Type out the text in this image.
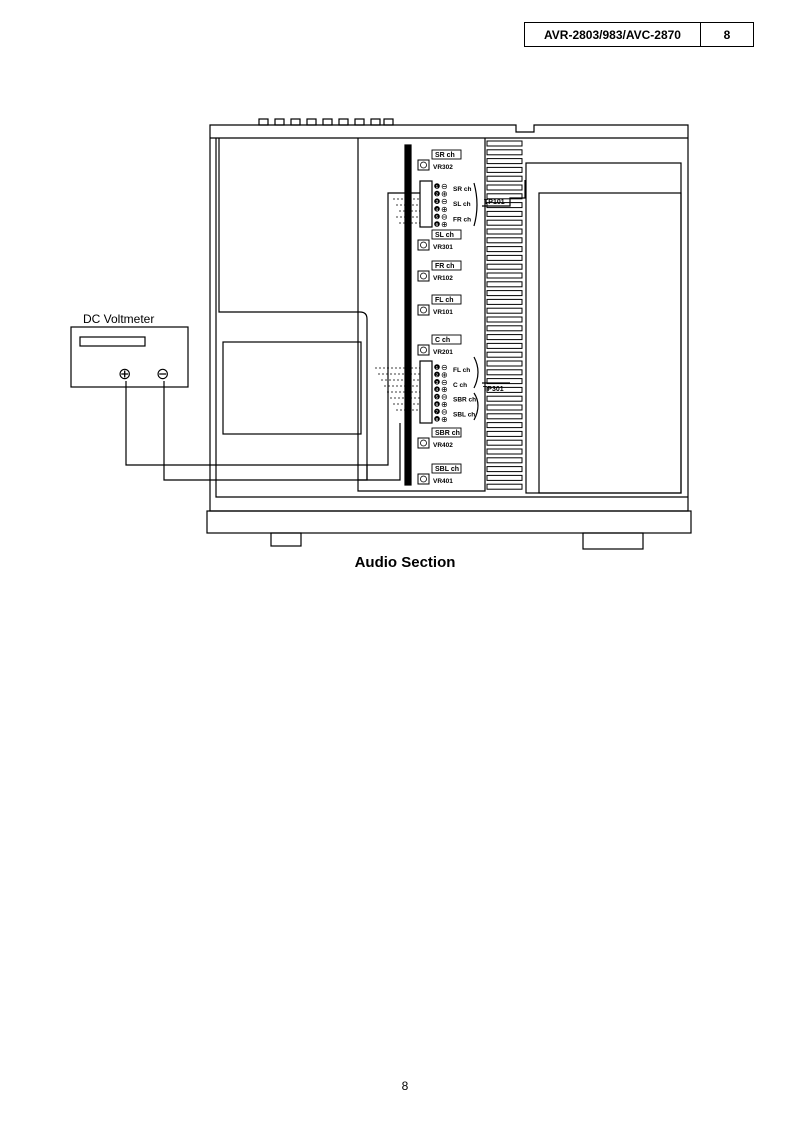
AVR-2803/983/AVC-2870	8
SR ch
VR302
SL ch
VR301
FR ch
VR102
FL ch
VR101
C ch
VR201
SBR ch
VR402
SBL ch
VR401
1 ⊖ SR ch
2 ⊕
3 ⊖ SL ch
4 ⊕
5 ⊖ FR ch
6 ⊕
1 ⊖ FL ch
2 ⊕
3 ⊖ C ch
4 ⊕
5 ⊖ SBR ch
6 ⊕
7 ⊖ SBL ch
8 ⊕
DC Voltmeter
⊕ ⊖
TP101
TP301
Audio Section
8
